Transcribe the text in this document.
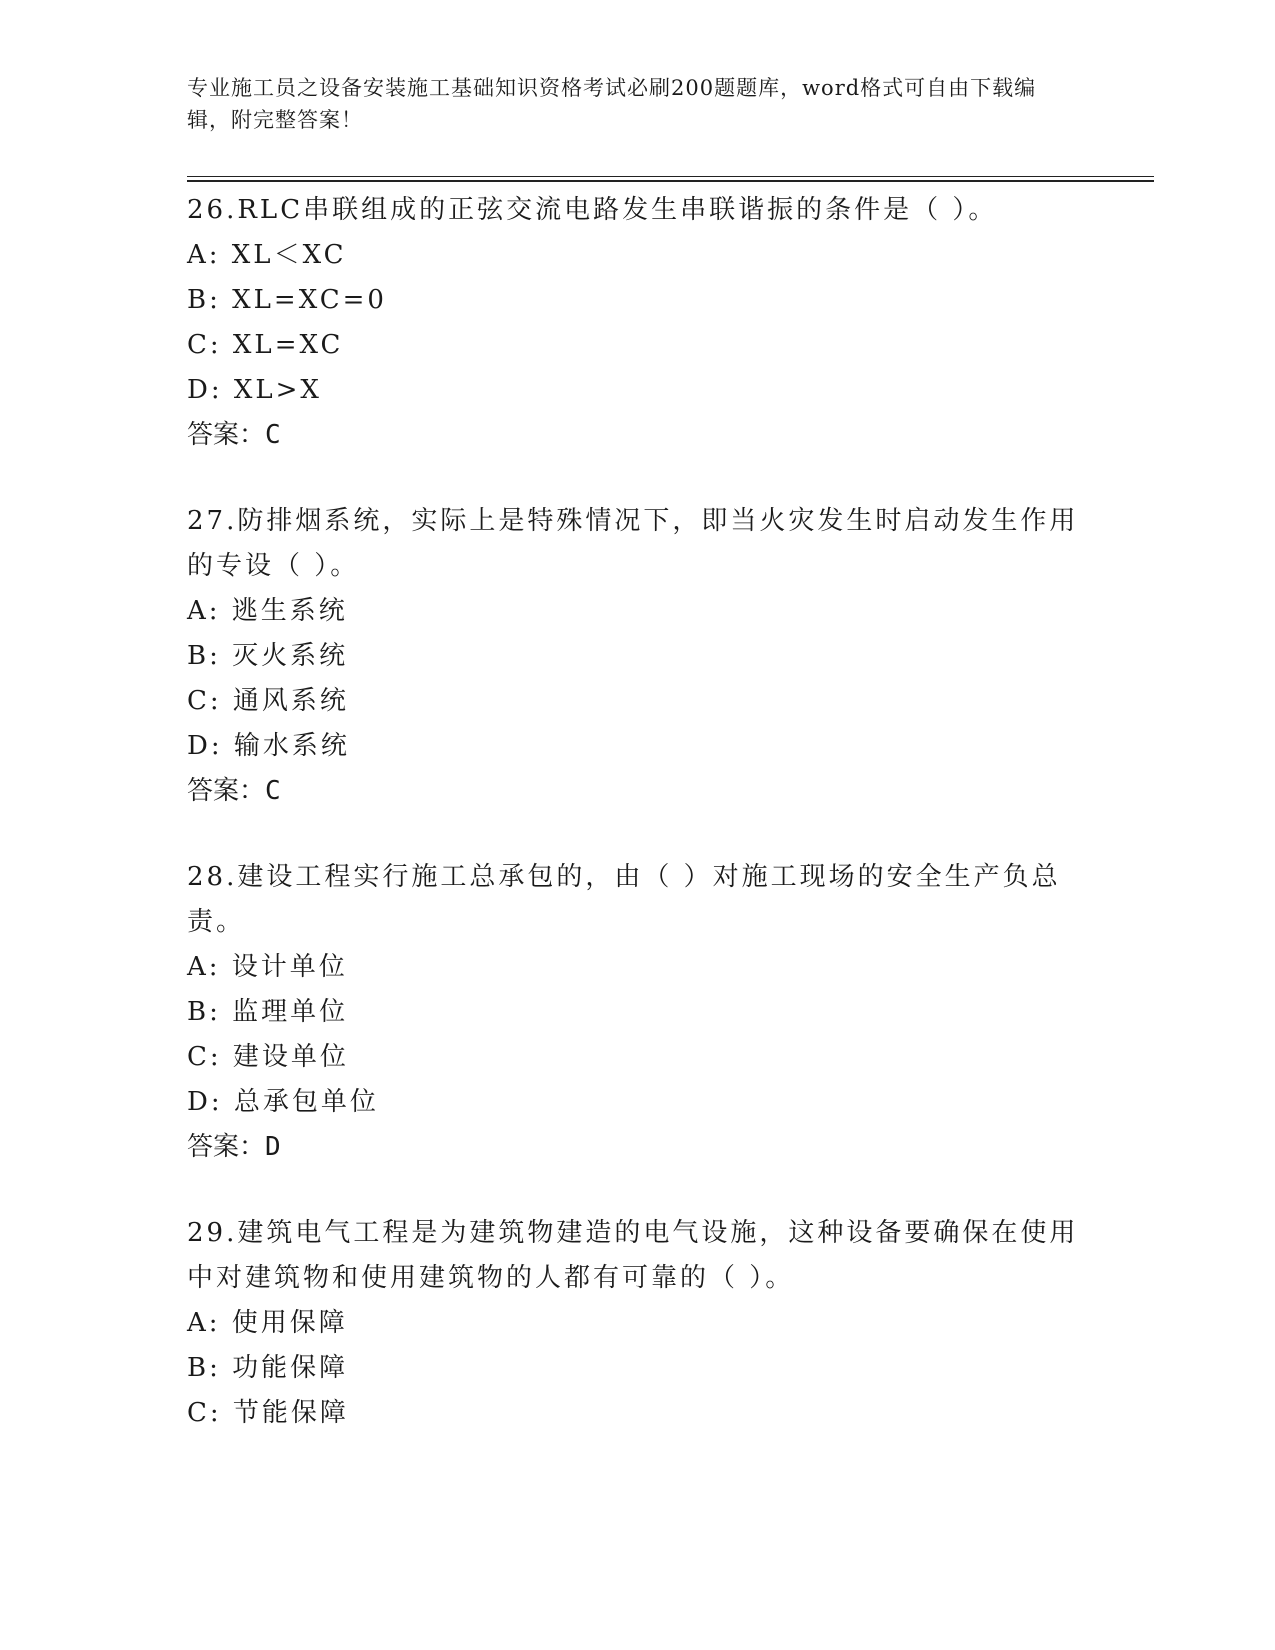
专业施工员之设备安装施工基础知识资格考试必刷200题题库，word格式可自由下载编辑，附完整答案！

26.RLC串联组成的正弦交流电路发生串联谐振的条件是（ ）。

A: XL＜XC

B: XL=XC=0

C: XL=XC

D: XL>X

答案：C

27.防排烟系统，实际上是特殊情况下，即当火灾发生时启动发生作用的专设（ ）。

A: 逃生系统

B: 灭火系统

C: 通风系统

D: 输水系统

答案：C

28.建设工程实行施工总承包的，由（ ）对施工现场的安全生产负总责。

A: 设计单位

B: 监理单位

C: 建设单位

D: 总承包单位

答案：D

29.建筑电气工程是为建筑物建造的电气设施，这种设备要确保在使用中对建筑物和使用建筑物的人都有可靠的（ ）。

A: 使用保障

B: 功能保障

C: 节能保障
